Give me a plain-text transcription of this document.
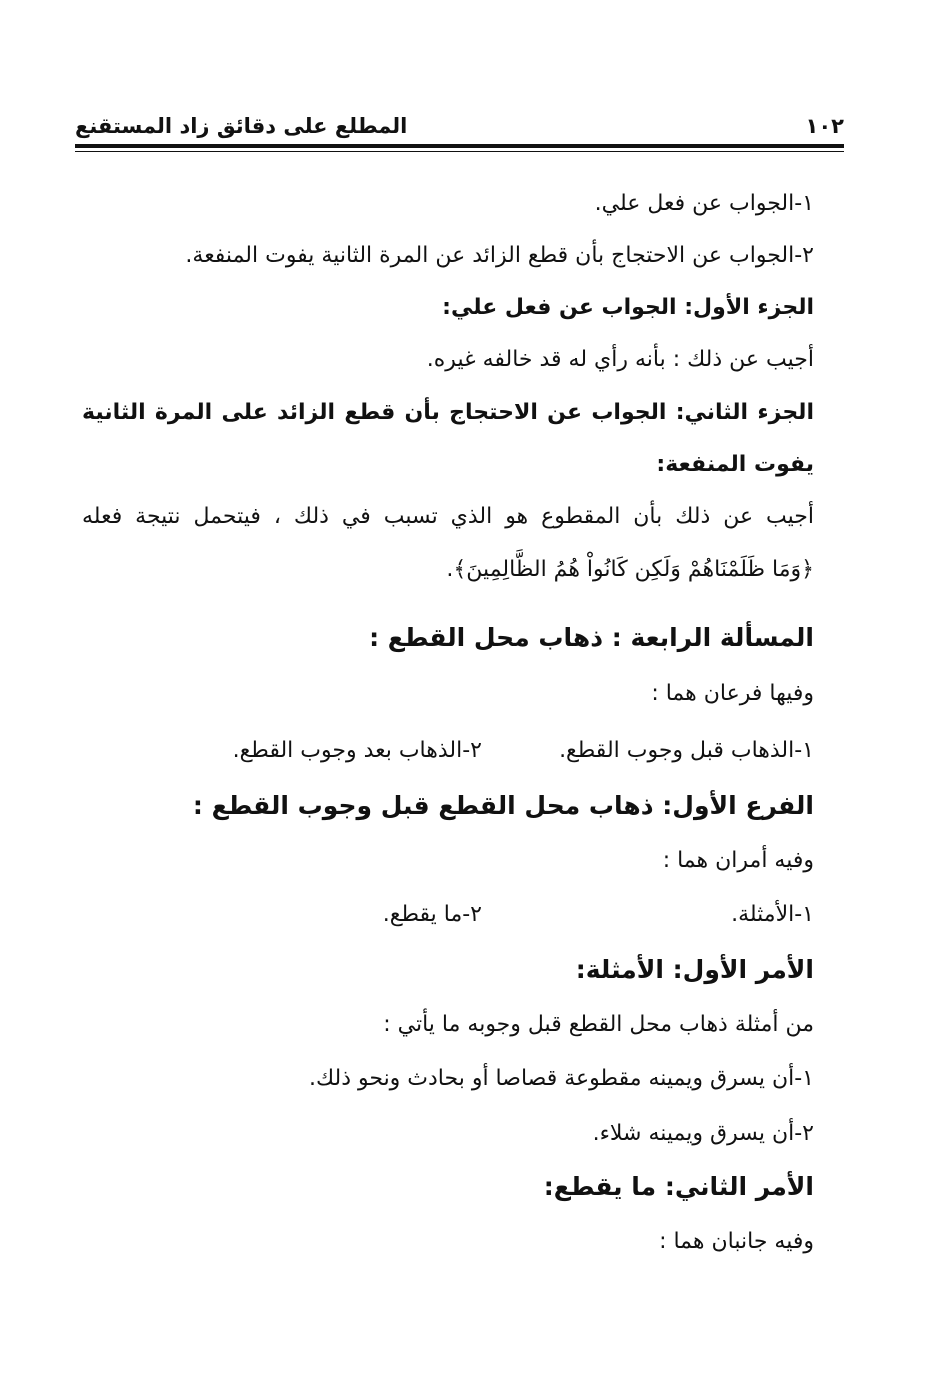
١٠٢
المطلع على دقائق زاد المستقنع
١-الجواب عن فعل علي.
٢-الجواب عن الاحتجاج بأن قطع الزائد عن المرة الثانية يفوت المنفعة.
الجزء الأول: الجواب عن فعل علي:
أجيب عن ذلك : بأنه رأي له قد خالفه غيره.
الجزء الثاني: الجواب عن الاحتجاج بأن قطع الزائد على المرة الثانية
يفوت المنفعة:
أجيب عن ذلك بأن المقطوع هو الذي تسبب في ذلك ، فيتحمل نتيجة فعله
﴿وَمَا ظَلَمْنَاهُمْ وَلَكِن كَانُواْ هُمُ الظَّالِمِينَ﴾.
المسألة الرابعة : ذهاب محل القطع :
وفيها فرعان هما :
١-الذهاب قبل وجوب القطع. ٢-الذهاب بعد وجوب القطع.
الفرع الأول: ذهاب محل القطع قبل وجوب القطع :
وفيه أمران هما :
١-الأمثلة. ٢-ما يقطع.
الأمر الأول: الأمثلة:
من أمثلة ذهاب محل القطع قبل وجوبه ما يأتي :
١-أن يسرق ويمينه مقطوعة قصاصا أو بحادث ونحو ذلك.
٢-أن يسرق ويمينه شلاء.
الأمر الثاني: ما يقطع:
وفيه جانبان هما :
